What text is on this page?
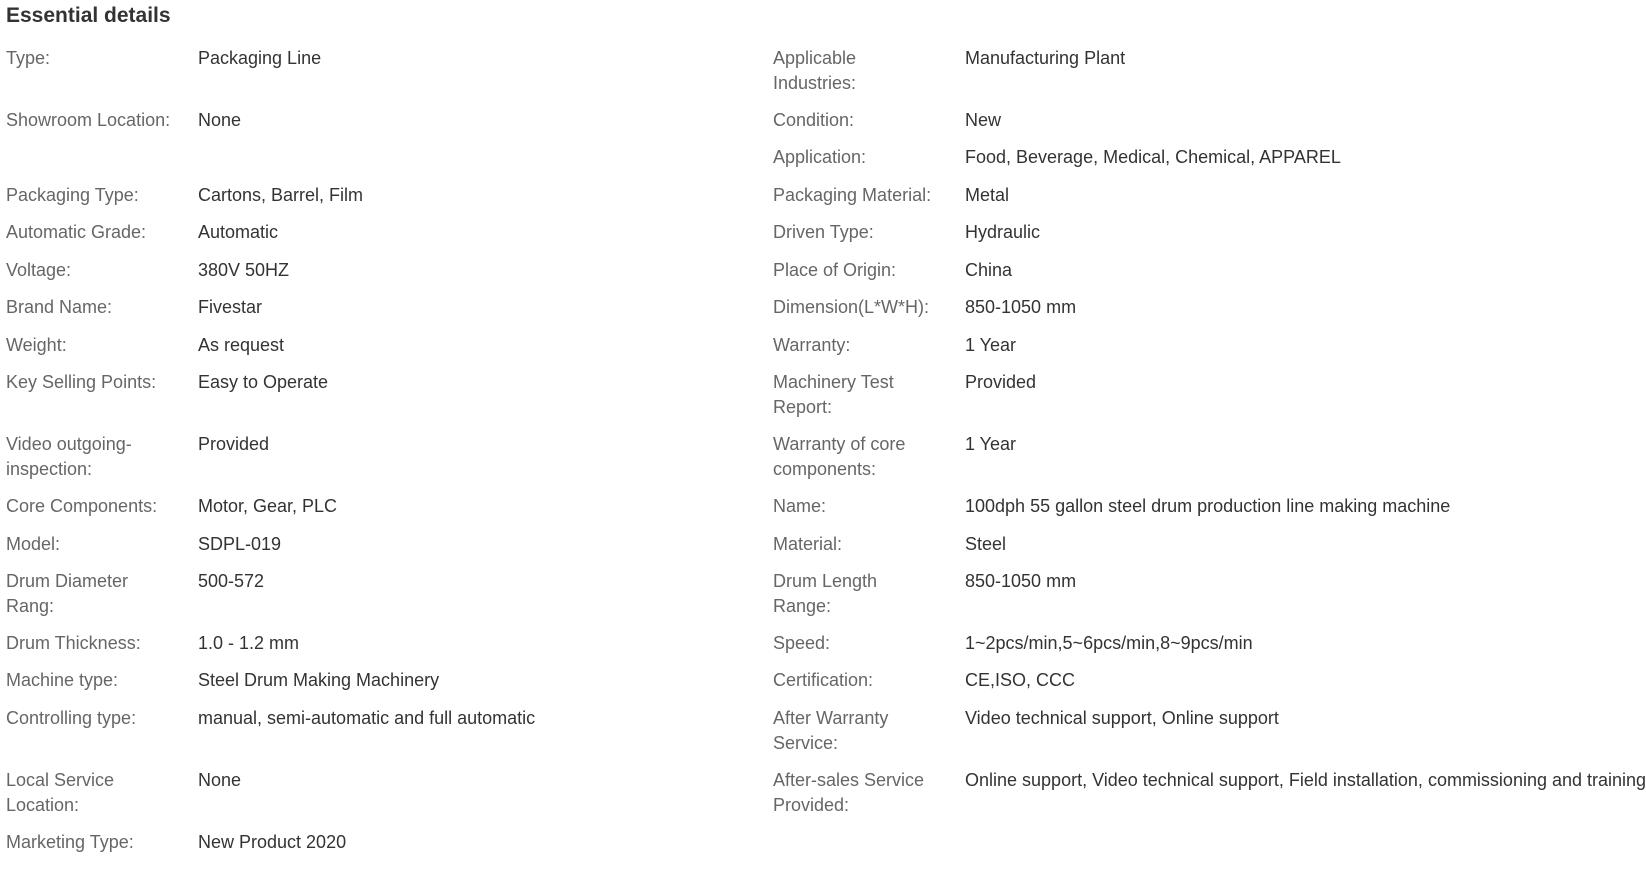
Essential details
Type:	Packaging Line
Showroom Location:	None
Packaging Type:	Cartons, Barrel, Film
Automatic Grade:	Automatic
Voltage:	380V 50HZ
Brand Name:	Fivestar
Weight:	As request
Key Selling Points:	Easy to Operate
Video outgoing-inspection:
Provided
Core Components:	Motor, Gear, PLC
Model:	SDPL-019
Drum Diameter Rang:
500-572
Drum Thickness:	1.0 - 1.2 mm
Machine type:	Steel Drum Making Machinery
Controlling type:	manual, semi-automatic and full automatic
Local Service Location:
None
Marketing Type:	New Product 2020
Applicable Industries:
Manufacturing Plant
Condition:	New
Application:	Food, Beverage, Medical, Chemical, APPAREL
Packaging Material:	Metal
Driven Type:	Hydraulic
Place of Origin:	China
Dimension(L*W*H):	850-1050 mm
Warranty:	1 Year
Machinery Test Report:
Provided
Warranty of core components:
1 Year
Name:	100dph 55 gallon steel drum production line making machine
Material:	Steel
Drum Length Range:
850-1050 mm
Speed:	1~2pcs/min,5~6pcs/min,8~9pcs/min
Certification:	CE,ISO, CCC
After Warranty Service:
Video technical support, Online support
After-sales Service Provided:
Online support, Video technical support, Field installation, commissioning and training
